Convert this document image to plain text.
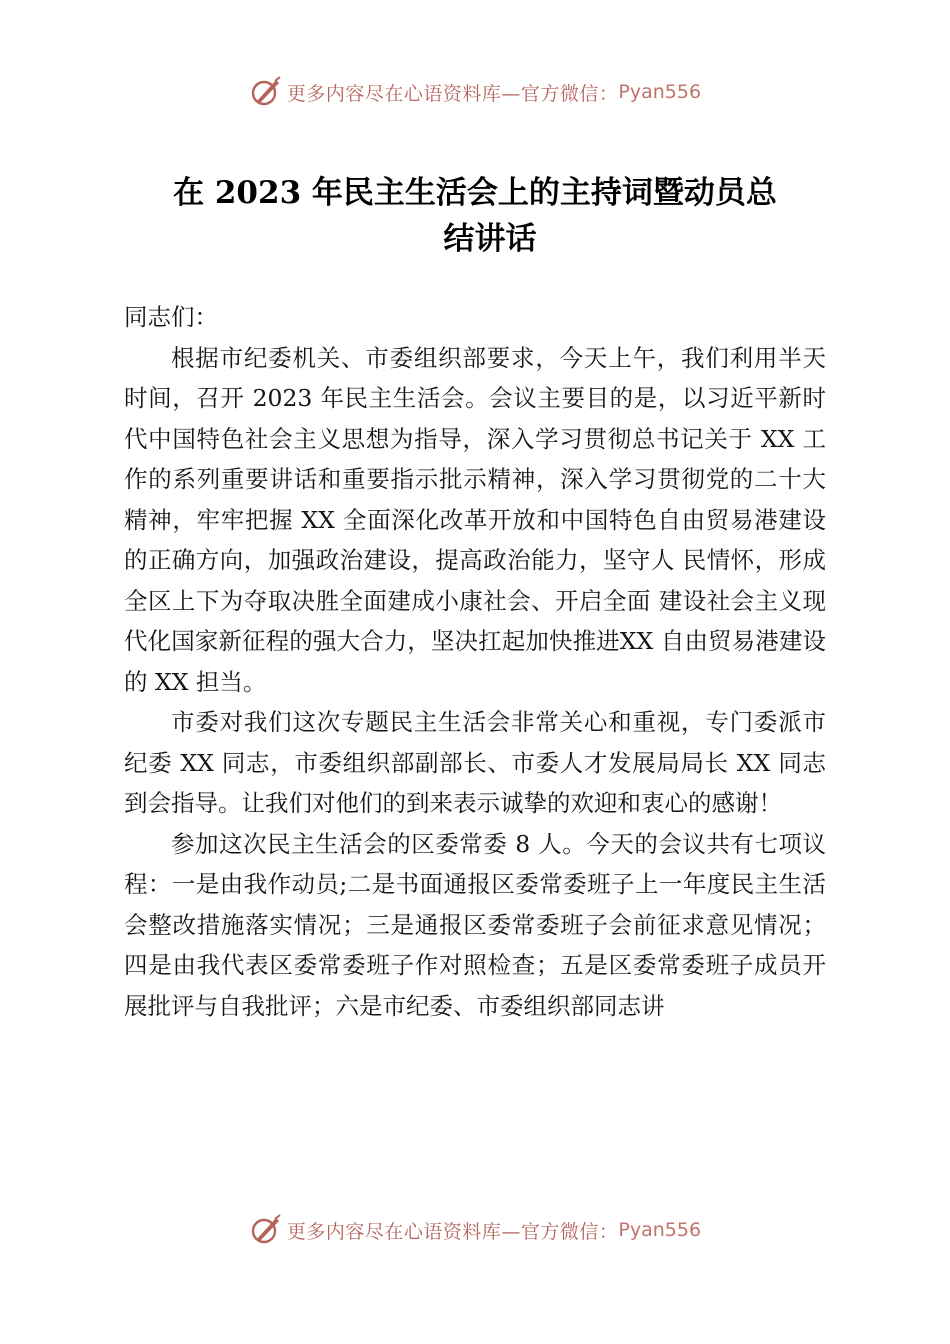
更多内容尽在心语资料库—官方微信： Pyan556
在 2023 年民主生活会上的主持词暨动员总
结讲话

同志们：

根据市纪委机关、市委组织部要求，今天上午，我们利用半天时间，召开 2023 年民主生活会。会议主要目的是，以习近平新时代中国特色社会主义思想为指导，深入学习贯彻总书记关于 XX 工作的系列重要讲话和重要指示批示精神，深入学习贯彻党的二十大精神，牢牢把握 XX 全面深化改革开放和中国特色自由贸易港建设的正确方向，加强政治建设，提高政治能力，坚守人 民情怀，形成全区上下为夺取决胜全面建成小康社会、开启全面 建设社会主义现代化国家新征程的强大合力，坚决扛起加快推进XX 自由贸易港建设的 XX 担当。

市委对我们这次专题民主生活会非常关心和重视，专门委派市纪委 XX 同志，市委组织部副部长、市委人才发展局局长 XX 同志到会指导。让我们对他们的到来表示诚挚的欢迎和衷心的感谢！

参加这次民主生活会的区委常委 8 人。今天的会议共有七项议程：一是由我作动员;二是书面通报区委常委班子上一年度民主生活会整改措施落实情况；三是通报区委常委班子会前征求意见情况；四是由我代表区委常委班子作对照检查；五是区委常委班子成员开展批评与自我批评；六是市纪委、市委组织部同志讲

更多内容尽在心语资料库—官方微信： Pyan556
